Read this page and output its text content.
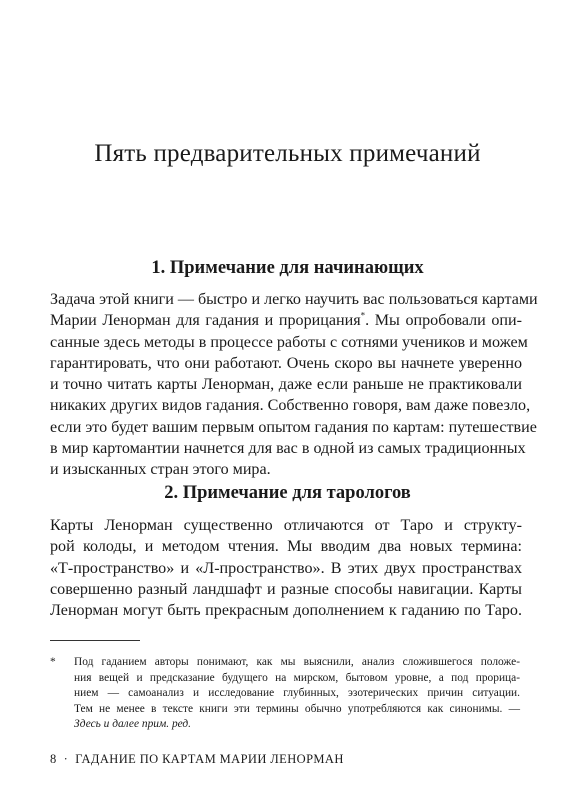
Пять предварительных примечаний
1. Примечание для начинающих
Задача этой книги — быстро и легко научить вас пользоваться картами
Марии Ленорман для гадания и прорицания*. Мы опробовали опи-
санные здесь методы в процессе работы с сотнями учеников и можем
гарантировать, что они работают. Очень скоро вы начнете уверенно
и точно читать карты Ленорман, даже если раньше не практиковали
никаких других видов гадания. Собственно говоря, вам даже повезло,
если это будет вашим первым опытом гадания по картам: путешествие
в мир картомантии начнется для вас в одной из самых традиционных
и изысканных стран этого мира.
2. Примечание для тарологов
Карты Ленорман существенно отличаются от Таро и структу-
рой колоды, и методом чтения. Мы вводим два новых термина:
«Т-пространство» и «Л-пространство». В этих двух пространствах
совершенно разный ландшафт и разные способы навигации. Карты
Ленорман могут быть прекрасным дополнением к гаданию по Таро.
* Под гаданием авторы понимают, как мы выяснили, анализ сложившегося положе-
ния вещей и предсказание будущего на мирском, бытовом уровне, а под прорица-
нием — самоанализ и исследование глубинных, эзотерических причин ситуации.
Тем не менее в тексте книги эти термины обычно употребляются как синонимы. —
Здесь и далее прим. ред.
8 · ГАДАНИЕ ПО КАРТАМ МАРИИ ЛЕНОРМАН
